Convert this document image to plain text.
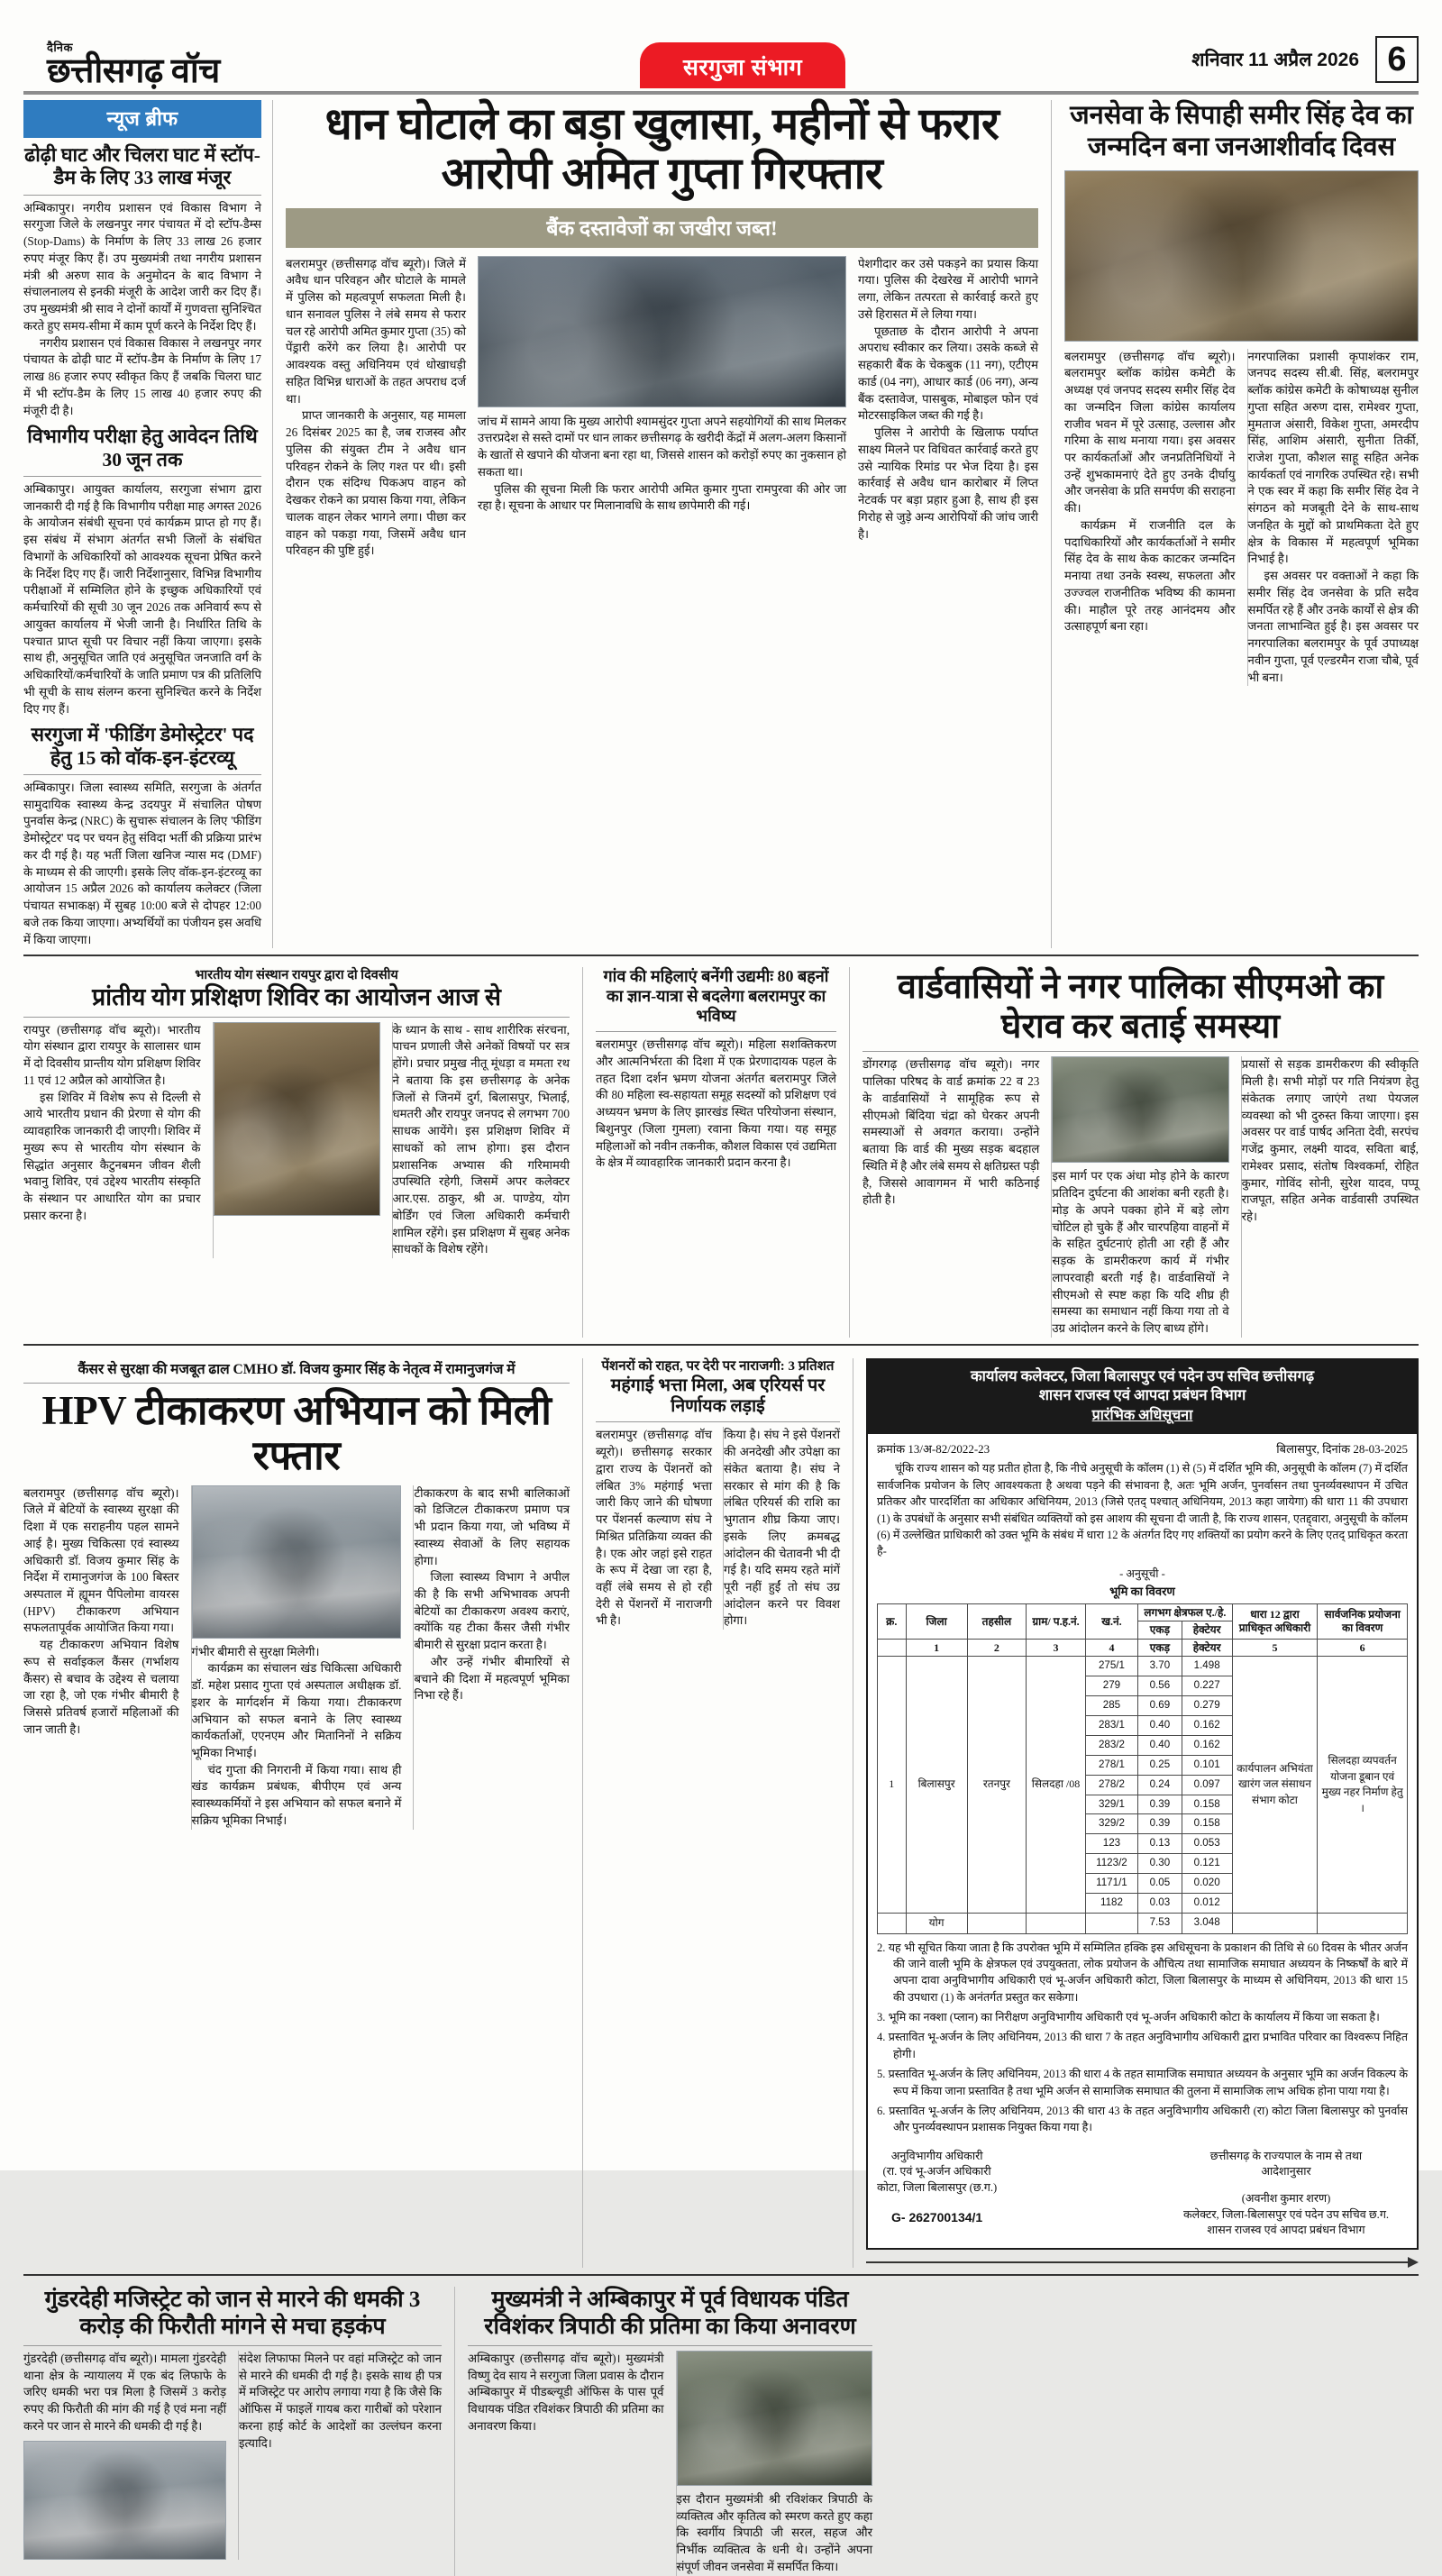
दैनिक
छत्तीसगढ़ वॉच	सरगुजा संभाग	शनिवार 11 अप्रैल 2026 6
न्यूज ब्रीफ
ढोढ़ी घाट और चिलरा घाट में स्टॉप-डैम के लिए 33 लाख मंजूर

अम्बिकापुर। नगरीय प्रशासन एवं विकास विभाग ने सरगुजा जिले के लखनपुर नगर पंचायत में दो स्टॉप-डैम्स (Stop-Dams) के निर्माण के लिए 33 लाख 26 हजार रुपए मंजूर किए हैं। उप मुख्यमंत्री तथा नगरीय प्रशासन मंत्री श्री अरुण साव के अनुमोदन के बाद विभाग ने संचालनालय से इनकी मंजूरी के आदेश जारी कर दिए हैं। उप मुख्यमंत्री श्री साव ने दोनों कार्यों में गुणवत्ता सुनिश्चित करते हुए समय-सीमा में काम पूर्ण करने के निर्देश दिए हैं।

नगरीय प्रशासन एवं विकास विकास ने लखनपुर नगर पंचायत के ढोढ़ी घाट में स्टॉप-डैम के निर्माण के लिए 17 लाख 86 हजार रुपए स्वीकृत किए हैं जबकि चिलरा घाट में भी स्टॉप-डैम के लिए 15 लाख 40 हजार रुपए की मंजूरी दी है।

विभागीय परीक्षा हेतु आवेदन तिथि 30 जून तक

अम्बिकापुर। आयुक्त कार्यालय, सरगुजा संभाग द्वारा जानकारी दी गई है कि विभागीय परीक्षा माह अगस्त 2026 के आयोजन संबंधी सूचना एवं कार्यक्रम प्राप्त हो गए हैं। इस संबंध में संभाग अंतर्गत सभी जिलों के संबंधित विभागों के अधिकारियों को आवश्यक सूचना प्रेषित करने के निर्देश दिए गए हैं। जारी निर्देशानुसार, विभिन्न विभागीय परीक्षाओं में सम्मिलित होने के इच्छुक अधिकारियों एवं कर्मचारियों की सूची 30 जून 2026 तक अनिवार्य रूप से आयुक्त कार्यालय में भेजी जानी है। निर्धारित तिथि के पश्चात प्राप्त सूची पर विचार नहीं किया जाएगा। इसके साथ ही, अनुसूचित जाति एवं अनुसूचित जनजाति वर्ग के अधिकारियों/कर्मचारियों के जाति प्रमाण पत्र की प्रतिलिपि भी सूची के साथ संलग्न करना सुनिश्चित करने के निर्देश दिए गए हैं।

सरगुजा में 'फीडिंग डेमोस्ट्रेटर' पद हेतु 15 को वॉक-इन-इंटरव्यू

अम्बिकापुर। जिला स्वास्थ्य समिति, सरगुजा के अंतर्गत सामुदायिक स्वास्थ्य केन्द्र उदयपुर में संचालित पोषण पुनर्वास केन्द्र (NRC) के सुचारू संचालन के लिए 'फीडिंग डेमोस्ट्रेटर' पद पर चयन हेतु संविदा भर्ती की प्रक्रिया प्रारंभ कर दी गई है। यह भर्ती जिला खनिज न्यास मद (DMF) के माध्यम से की जाएगी। इसके लिए वॉक-इन-इंटरव्यू का आयोजन 15 अप्रैल 2026 को कार्यालय कलेक्टर (जिला पंचायत सभाकक्ष) में सुबह 10:00 बजे से दोपहर 12:00 बजे तक किया जाएगा। अभ्यर्थियों का पंजीयन इस अवधि में किया जाएगा।

धान घोटाले का बड़ा खुलासा, महीनों से फरार आरोपी अमित गुप्ता गिरफ्तार
बैंक दस्तावेजों का जखीरा जब्त!

बलरामपुर (छत्तीसगढ़ वॉच ब्यूरो)। जिले में अवैध धान परिवहन और घोटाले के मामले में पुलिस को महत्वपूर्ण सफलता मिली है। धान सनावल पुलिस ने लंबे समय से फरार चल रहे आरोपी अमित कुमार गुप्ता (35) को पेंड्रारी करेंगे कर लिया है। आरोपी पर आवश्यक वस्तु अधिनियम एवं धोखाधड़ी सहित विभिन्न धाराओं के तहत अपराध दर्ज था।

प्राप्त जानकारी के अनुसार, यह मामला 26 दिसंबर 2025 का है, जब राजस्व और पुलिस की संयुक्त टीम ने अवैध धान परिवहन रोकने के लिए गश्त पर थी। इसी दौरान एक संदिग्ध पिकअप वाहन को देखकर रोकने का प्रयास किया गया, लेकिन चालक वाहन लेकर भागने लगा। पीछा कर वाहन को पकड़ा गया, जिसमें अवैध धान परिवहन की पुष्टि हुई।

जांच में सामने आया कि मुख्य आरोपी श्यामसुंदर गुप्ता अपने सहयोगियों की साथ मिलकर उत्तरप्रदेश से सस्ते दामों पर धान लाकर छत्तीसगढ़ के खरीदी केंद्रों में अलग-अलग किसानों के खातों से खपाने की योजना बना रहा था, जिससे शासन को करोड़ों रुपए का नुकसान हो सकता था।

पुलिस की सूचना मिली कि फरार आरोपी अमित कुमार गुप्ता रामपुरवा की ओर जा रहा है। सूचना के आधार पर मिलानावधि के साथ छापेमारी की गई।

पेशगीदार कर उसे पकड़ने का प्रयास किया गया। पुलिस की देखरेख में आरोपी भागने लगा, लेकिन तत्परता से कार्रवाई करते हुए उसे हिरासत में ले लिया गया।

पूछताछ के दौरान आरोपी ने अपना अपराध स्वीकार कर लिया। उसके कब्जे से सहकारी बैंक के चेकबुक (11 नग), एटीएम कार्ड (04 नग), आधार कार्ड (06 नग), अन्य बैंक दस्तावेज, पासबुक, मोबाइल फोन एवं मोटरसाइकिल जब्त की गई है।

पुलिस ने आरोपी के खिलाफ पर्याप्त साक्ष्य मिलने पर विधिवत कार्रवाई करते हुए उसे न्यायिक रिमांड पर भेज दिया है। इस कार्रवाई से अवैध धान कारोबार में लिप्त नेटवर्क पर बड़ा प्रहार हुआ है, साथ ही इस गिरोह से जुड़े अन्य आरोपियों की जांच जारी है।

जनसेवा के सिपाही समीर सिंह देव का जन्मदिन बना जनआशीर्वाद दिवस

बलरामपुर (छत्तीसगढ़ वॉच ब्यूरो)। बलरामपुर ब्लॉक कांग्रेस कमेटी के अध्यक्ष एवं जनपद सदस्य समीर सिंह देव का जन्मदिन जिला कांग्रेस कार्यालय राजीव भवन में पूरे उत्साह, उल्लास और गरिमा के साथ मनाया गया। इस अवसर पर कार्यकर्ताओं और जनप्रतिनिधियों ने उन्हें शुभकामनाएं देते हुए उनके दीर्घायु और जनसेवा के प्रति समर्पण की सराहना की।

कार्यक्रम में राजनीति दल के पदाधिकारियों और कार्यकर्ताओं ने समीर सिंह देव के साथ केक काटकर जन्मदिन मनाया तथा उनके स्वस्थ, सफलता और उज्ज्वल राजनीतिक भविष्य की कामना की। माहौल पूरे तरह आनंदमय और उत्साहपूर्ण बना रहा।

नगरपालिका प्रशासी कृपाशंकर राम, जनपद सदस्य सी.बी. सिंह, बलरामपुर ब्लॉक कांग्रेस कमेटी के कोषाध्यक्ष सुनील गुप्ता सहित अरुण दास, रामेश्वर गुप्ता, मुमताज अंसारी, विकेश गुप्ता, अमरदीप सिंह, आशिम अंसारी, सुनीता तिर्की, राजेश गुप्ता, कौशल साहू सहित अनेक कार्यकर्ता एवं नागरिक उपस्थित रहे। सभी ने एक स्वर में कहा कि समीर सिंह देव ने संगठन को मजबूती देने के साथ-साथ जनहित के मुद्दों को प्राथमिकता देते हुए क्षेत्र के विकास में महत्वपूर्ण भूमिका निभाई है।

इस अवसर पर वक्ताओं ने कहा कि समीर सिंह देव जनसेवा के प्रति सदैव समर्पित रहे हैं और उनके कार्यों से क्षेत्र की जनता लाभान्वित हुई है। इस अवसर पर नगरपालिका बलरामपुर के पूर्व उपाध्यक्ष नवीन गुप्ता, पूर्व एल्डरमैन राजा चौबे, पूर्व भी बना।

भारतीय योग संस्थान रायपुर द्वारा दो दिवसीय
प्रांतीय योग प्रशिक्षण शिविर का आयोजन आज से

रायपुर (छत्तीसगढ़ वॉच ब्यूरो)। भारतीय योग संस्थान द्वारा रायपुर के सालासर धाम में दो दिवसीय प्रान्तीय योग प्रशिक्षण शिविर 11 एवं 12 अप्रैल को आयोजित है।

इस शिविर में विशेष रूप से दिल्ली से आये भारतीय प्रधान की प्रेरणा से योग की व्यावहारिक जानकारी दी जाएगी। शिविर में मुख्य रूप से भारतीय योग संस्थान के सिद्धांत अनुसार कैटुनबमन जीवन शैली भवानु शिविर, एवं उद्देश्य भारतीय संस्कृति के संस्थान पर आधारित योग का प्रचार प्रसार करना है।

के ध्यान के साथ - साथ शारीरिक संरचना, पाचन प्रणाली जैसे अनेकों विषयों पर सत्र होंगे। प्रचार प्रमुख नीतू मूंधड़ा व ममता रथ ने बताया कि इस छत्तीसगढ़ के अनेक जिलों से जिनमें दुर्ग, बिलासपुर, भिलाई, धमतरी और रायपुर जनपद से लगभग 700 साधक आयेंगे। इस प्रशिक्षण शिविर में साधकों को लाभ होगा। इस दौरान प्रशासनिक अभ्यास की गरिमामयी उपस्थिति रहेगी, जिसमें अपर कलेक्टर आर.एस. ठाकुर, श्री अ. पाण्डेय, योग बोर्डिंग एवं जिला अधिकारी कर्मचारी शामिल रहेंगे। इस प्रशिक्षण में सुबह अनेक साधकों के विशेष रहेंगे।

गांव की महिलाएं बनेंगी उद्यमीः 80 बहनों का ज्ञान-यात्रा से बदलेगा बलरामपुर का भविष्य

बलरामपुर (छत्तीसगढ़ वॉच ब्यूरो)। महिला सशक्तिकरण और आत्मनिर्भरता की दिशा में एक प्रेरणादायक पहल के तहत दिशा दर्शन भ्रमण योजना अंतर्गत बलरामपुर जिले की 80 महिला स्व-सहायता समूह सदस्यों को प्रशिक्षण एवं अध्ययन भ्रमण के लिए झारखंड स्थित परियोजना संस्थान, बिशुनपुर (जिला गुमला) रवाना किया गया। यह समूह महिलाओं को नवीन तकनीक, कौशल विकास एवं उद्यमिता के क्षेत्र में व्यावहारिक जानकारी प्रदान करना है।

वार्डवासियों ने नगर पालिका सीएमओ का घेराव कर बताई समस्या

डोंगरगढ़ (छत्तीसगढ़ वॉच ब्यूरो)। नगर पालिका परिषद के वार्ड क्रमांक 22 व 23 के वार्डवासियों ने सामूहिक रूप से सीएमओ बिंदिया चंद्रा को घेरकर अपनी समस्याओं से अवगत कराया। उन्होंने बताया कि वार्ड की मुख्य सड़क बदहाल स्थिति में है और लंबे समय से क्षतिग्रस्त पड़ी है, जिससे आवागमन में भारी कठिनाई होती है।

इस मार्ग पर एक अंधा मोड़ होने के कारण प्रतिदिन दुर्घटना की आशंका बनी रहती है। मोड़ के अपने पक्का होने में बड़े लोग चोटिल हो चुके हैं और चारपहिया वाहनों में के सहित दुर्घटनाएं होती आ रही हैं और सड़क के डामरीकरण कार्य में गंभीर लापरवाही बरती गई है। वार्डवासियों ने सीएमओ से स्पष्ट कहा कि यदि शीघ्र ही समस्या का समाधान नहीं किया गया तो वे उग्र आंदोलन करने के लिए बाध्य होंगे।

प्रयासों से सड़क डामरीकरण की स्वीकृति मिली है। सभी मोड़ों पर गति नियंत्रण हेतु संकेतक लगाए जाएंगे तथा पेयजल व्यवस्था को भी दुरुस्त किया जाएगा। इस अवसर पर वार्ड पार्षद अनिता देवी, सरपंच गजेंद्र कुमार, लक्ष्मी यादव, सविता बाई, रामेश्वर प्रसाद, संतोष विश्वकर्मा, रोहित कुमार, गोविंद सोनी, सुरेश यादव, पप्पू राजपूत, सहित अनेक वार्डवासी उपस्थित रहे।

कैंसर से सुरक्षा की मजबूत ढाल CMHO डॉ. विजय कुमार सिंह के नेतृत्व में रामानुजगंज में
HPV टीकाकरण अभियान को मिली रफ्तार

बलरामपुर (छत्तीसगढ़ वॉच ब्यूरो)। जिले में बेटियों के स्वास्थ्य सुरक्षा की दिशा में एक सराहनीय पहल सामने आई है। मुख्य चिकित्सा एवं स्वास्थ्य अधिकारी डॉ. विजय कुमार सिंह के निर्देश में रामानुजगंज के 100 बिस्तर अस्पताल में ह्यूमन पैपिलोमा वायरस (HPV) टीकाकरण अभियान सफलतापूर्वक आयोजित किया गया।

यह टीकाकरण अभियान विशेष रूप से सर्वाइकल कैंसर (गर्भाशय कैंसर) से बचाव के उद्देश्य से चलाया जा रहा है, जो एक गंभीर बीमारी है जिससे प्रतिवर्ष हजारों महिलाओं की जान जाती है।

गंभीर बीमारी से सुरक्षा मिलेगी।

कार्यक्रम का संचालन खंड चिकित्सा अधिकारी डॉ. महेश प्रसाद गुप्ता एवं अस्पताल अधीक्षक डॉ. इशर के मार्गदर्शन में किया गया। टीकाकरण अभियान को सफल बनाने के लिए स्वास्थ्य कार्यकर्ताओं, एएनएम और मितानिनों ने सक्रिय भूमिका निभाई।

चंद गुप्ता की निगरानी में किया गया। साथ ही खंड कार्यक्रम प्रबंधक, बीपीएम एवं अन्य स्वास्थ्यकर्मियों ने इस अभियान को सफल बनाने में सक्रिय भूमिका निभाई।

टीकाकरण के बाद सभी बालिकाओं को डिजिटल टीकाकरण प्रमाण पत्र भी प्रदान किया गया, जो भविष्य में स्वास्थ्य सेवाओं के लिए सहायक होगा।

जिला स्वास्थ्य विभाग ने अपील की है कि सभी अभिभावक अपनी बेटियों का टीकाकरण अवश्य कराएं, क्योंकि यह टीका कैंसर जैसी गंभीर बीमारी से सुरक्षा प्रदान करता है।

और उन्हें गंभीर बीमारियों से बचाने की दिशा में महत्वपूर्ण भूमिका निभा रहे हैं।

पेंशनरों को राहत, पर देरी पर नाराजगी: 3 प्रतिशत
महंगाई भत्ता मिला, अब एरियर्स पर निर्णायक लड़ाई

बलरामपुर (छत्तीसगढ़ वॉच ब्यूरो)। छत्तीसगढ़ सरकार द्वारा राज्य के पेंशनरों को लंबित 3% महंगाई भत्ता जारी किए जाने की घोषणा पर पेंशनर्स कल्याण संघ ने मिश्रित प्रतिक्रिया व्यक्त की है। एक ओर जहां इसे राहत के रूप में देखा जा रहा है, वहीं लंबे समय से हो रही देरी से पेंशनरों में नाराजगी भी है।

किया है। संघ ने इसे पेंशनरों की अनदेखी और उपेक्षा का संकेत बताया है। संघ ने सरकार से मांग की है कि लंबित एरियर्स की राशि का भुगतान शीघ्र किया जाए। इसके लिए क्रमबद्ध आंदोलन की चेतावनी भी दी गई है। यदि समय रहते मांगें पूरी नहीं हुईं तो संघ उग्र आंदोलन करने पर विवश होगा।

कार्यालय कलेक्टर, जिला बिलासपुर एवं पदेन उप सचिव छत्तीसगढ़
शासन राजस्व एवं आपदा प्रबंधन विभाग
प्रारंभिक अधिसूचना
क्रमांक 13/अ-82/2022-23	बिलासपुर, दिनांक 28-03-2025

चूंकि राज्य शासन को यह प्रतीत होता है, कि नीचे अनुसूची के कॉलम (1) से (5) में दर्शित भूमि की, अनुसूची के कॉलम (7) में दर्शित सार्वजनिक प्रयोजन के लिए आवश्यकता है अथवा पड़ने की संभावना है, अतः भूमि अर्जन, पुनर्वासन तथा पुनर्व्यवस्थापन में उचित प्रतिकर और पारदर्शिता का अधिकार अधिनियम, 2013 (जिसे एतद् पश्चात् अधिनियम, 2013 कहा जायेगा) की धारा 11 की उपधारा (1) के उपबंधों के अनुसार सभी संबंधित व्यक्तियों को इस आशय की सूचना दी जाती है, कि राज्य शासन, एतद्द्वारा, अनुसूची के कॉलम (6) में उल्लेखित प्राधिकारी को उक्त भूमि के संबंध में धारा 12 के अंतर्गत दिए गए शक्तियों का प्रयोग करने के लिए एतद् प्राधिकृत करता है-

- अनुसूची -
भूमि का विवरण
क्र.	जिला	तहसील	ग्राम/ प.ह.नं.	ख.नं.	लगभग क्षेत्रफल ए./हे.		धारा 12 द्वारा प्राधिकृत अधिकारी	सार्वजनिक प्रयोजना का विवरण
					एकड़	हेक्टेयर		
	1	2	3	4	एकड़	हेक्टेयर	5	6
1	बिलासपुर	रतनपुर	सिलदहा /08	275/1	3.70	1.498	कार्यपालन अभियंता खारंग जल संसाधन संभाग कोटा	सिलदहा व्यपवर्तन योजना डूबान एवं मुख्य नहर निर्माण हेतु ।
				279	0.56	0.227		
				285	0.69	0.279		
				283/1	0.40	0.162		
				283/2	0.40	0.162		
				278/1	0.25	0.101		
				278/2	0.24	0.097		
				329/1	0.39	0.158		
				329/2	0.39	0.158		
				123	0.13	0.053		
				1123/2	0.30	0.121		
				1171/1	0.05	0.020		
				1182	0.03	0.012		
	योग				7.53	3.048		
2. यह भी सूचित किया जाता है कि उपरोक्त भूमि में सम्मिलित हक्कि इस अधिसूचना के प्रकाशन की तिथि से 60 दिवस के भीतर अर्जन की जाने वाली भूमि के क्षेत्रफल एवं उपयुक्तता, लोक प्रयोजन के औचित्य तथा सामाजिक समाघात अध्ययन के निष्कर्षों के बारे में अपना दावा अनुविभागीय अधिकारी एवं भू-अर्जन अधिकारी कोटा, जिला बिलासपुर के माध्यम से अधिनियम, 2013 की धारा 15 की उपधारा (1) के अनंतर्गत प्रस्तुत कर सकेगा।
3. भूमि का नक्शा (प्लान) का निरीक्षण अनुविभागीय अधिकारी एवं भू-अर्जन अधिकारी कोटा के कार्यालय में किया जा सकता है।
4. प्रस्तावित भू-अर्जन के लिए अधिनियम, 2013 की धारा 7 के तहत अनुविभागीय अधिकारी द्वारा प्रभावित परिवार का विश्वरूप निहित होगी।
5. प्रस्तावित भू-अर्जन के लिए अधिनियम, 2013 की धारा 4 के तहत सामाजिक समाघात अध्ययन के अनुसार भूमि का अर्जन विकल्प के रूप में किया जाना प्रस्तावित है तथा भूमि अर्जन से सामाजिक समाघात की तुलना में सामाजिक लाभ अधिक होना पाया गया है।
6. प्रस्तावित भू-अर्जन के लिए अधिनियम, 2013 की धारा 43 के तहत अनुविभागीय अधिकारी (रा) कोटा जिला बिलासपुर को पुनर्वास और पुनर्व्यवस्थापन प्रशासक नियुक्त किया गया है।
अनुविभागीय अधिकारी
(रा. एवं भू-अर्जन अधिकारी
कोटा, जिला बिलासपुर (छ.ग.)
G- 262700134/1
छत्तीसगढ़ के राज्यपाल के नाम से तथा
आदेशानुसार
(अवनीश कुमार शरण)
कलेक्टर, जिला-बिलासपुर एवं पदेन उप सचिव छ.ग.
शासन राजस्व एवं आपदा प्रबंधन विभाग
गुंडरदेही मजिस्ट्रेट को जान से मारने की धमकी 3 करोड़ की फिरौती मांगने से मचा हड़कंप

गुंडरदेही (छत्तीसगढ़ वॉच ब्यूरो)। मामला गुंडरदेही थाना क्षेत्र के न्यायालय में एक बंद लिफाफे के जरिए धमकी भरा पत्र मिला है जिसमें 3 करोड़ रुपए की फिरौती की मांग की गई है एवं मना नहीं करने पर जान से मारने की धमकी दी गई है।

संदेश लिफाफा मिलने पर वहां मजिस्ट्रेट को जान से मारने की धमकी दी गई है। इसके साथ ही पत्र में मजिस्ट्रेट पर आरोप लगाया गया है कि जैसे कि ऑफिस में फाइलें गायब करा गारीबों को परेशान करना हाई कोर्ट के आदेशों का उल्लंघन करना इत्यादि।

मुख्यमंत्री ने अम्बिकापुर में पूर्व विधायक पंडित रविशंकर त्रिपाठी की प्रतिमा का किया अनावरण

अम्बिकापुर (छत्तीसगढ़ वॉच ब्यूरो)। मुख्यमंत्री विष्णु देव साय ने सरगुजा जिला प्रवास के दौरान अम्बिकापुर में पीडब्ल्यूडी ऑफिस के पास पूर्व विधायक पंडित रविशंकर त्रिपाठी की प्रतिमा का अनावरण किया।

इस दौरान मुख्यमंत्री श्री रविशंकर त्रिपाठी के व्यक्तित्व और कृतित्व को स्मरण करते हुए कहा कि स्वर्गीय त्रिपाठी जी सरल, सहज और निर्भीक व्यक्तित्व के धनी थे। उन्होंने अपना संपूर्ण जीवन जनसेवा में समर्पित किया।
